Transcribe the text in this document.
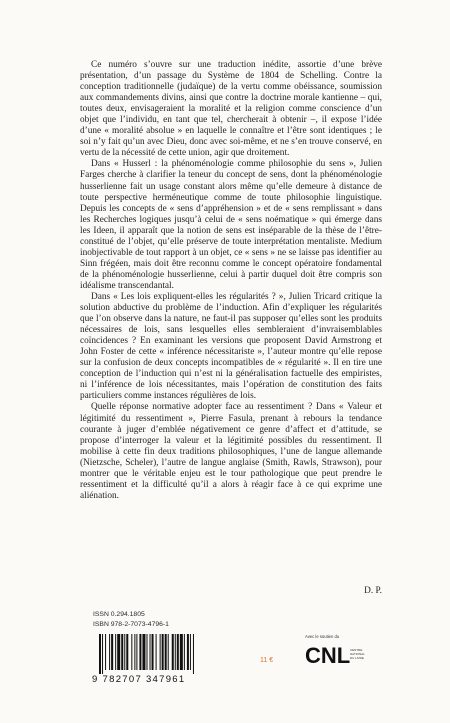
Ce numéro s’ouvre sur une traduction inédite, assortie d’une brève présentation, d’un passage du Système de 1804 de Schelling. Contre la conception traditionnelle (judaïque) de la vertu comme obéissance, soumission aux commandements divins, ainsi que contre la doctrine morale kantienne – qui, toutes deux, envisageraient la moralité et la religion comme conscience d’un objet que l’individu, en tant que tel, chercherait à obtenir –, il expose l’idée d’une « moralité absolue » en laquelle le connaître et l’être sont identiques ; le soi n’y fait qu’un avec Dieu, donc avec soi-même, et ne s’en trouve conservé, en vertu de la nécessité de cette union, agir que droitement.

Dans « Husserl : la phénoménologie comme philosophie du sens », Julien Farges cherche à clarifier la teneur du concept de sens, dont la phénoménologie husserlienne fait un usage constant alors même qu’elle demeure à distance de toute perspective herméneutique comme de toute philosophie linguistique. Depuis les concepts de « sens d’appréhension » et de « sens remplissant » dans les Recherches logiques jusqu’à celui de « sens noématique » qui émerge dans les Ideen, il apparaît que la notion de sens est inséparable de la thèse de l’être-constitué de l’objet, qu’elle préserve de toute interprétation mentaliste. Medium inobjectivable de tout rapport à un objet, ce « sens » ne se laisse pas identifier au Sinn frégéen, mais doit être reconnu comme le concept opératoire fondamental de la phénoménologie husserlienne, celui à partir duquel doit être compris son idéalisme transcendantal.

Dans « Les lois expliquent-elles les régularités ? », Julien Tricard critique la solution abductive du problème de l’induction. Afin d’expliquer les régularités que l’on observe dans la nature, ne faut-il pas supposer qu’elles sont les produits nécessaires de lois, sans lesquelles elles sembleraient d’invraisemblables coïncidences ? En examinant les versions que proposent David Armstrong et John Foster de cette « inférence nécessitariste », l’auteur montre qu’elle repose sur la confusion de deux concepts incompatibles de « régularité ». Il en tire une conception de l’induction qui n’est ni la généralisation factuelle des empiristes, ni l’inférence de lois nécessitantes, mais l’opération de constitution des faits particuliers comme instances régulières de lois.

Quelle réponse normative adopter face au ressentiment ? Dans « Valeur et légitimité du ressentiment », Pierre Fasula, prenant à rebours la tendance courante à juger d’emblée négativement ce genre d’affect et d’attitude, se propose d’interroger la valeur et la légitimité possibles du ressentiment. Il mobilise à cette fin deux traditions philosophiques, l’une de langue allemande (Nietzsche, Scheler), l’autre de langue anglaise (Smith, Rawls, Strawson), pour montrer que le véritable enjeu est le tour pathologique que peut prendre le ressentiment et la difficulté qu’il a alors à réagir face à ce qui exprime une aliénation.

D. P.
ISSN 0.294.1805
ISBN 978-2-7073-4796-1
9 782707 347961
11 €
Avec le soutien du
CNL CENTRE
NATIONAL
DU LIVRE
